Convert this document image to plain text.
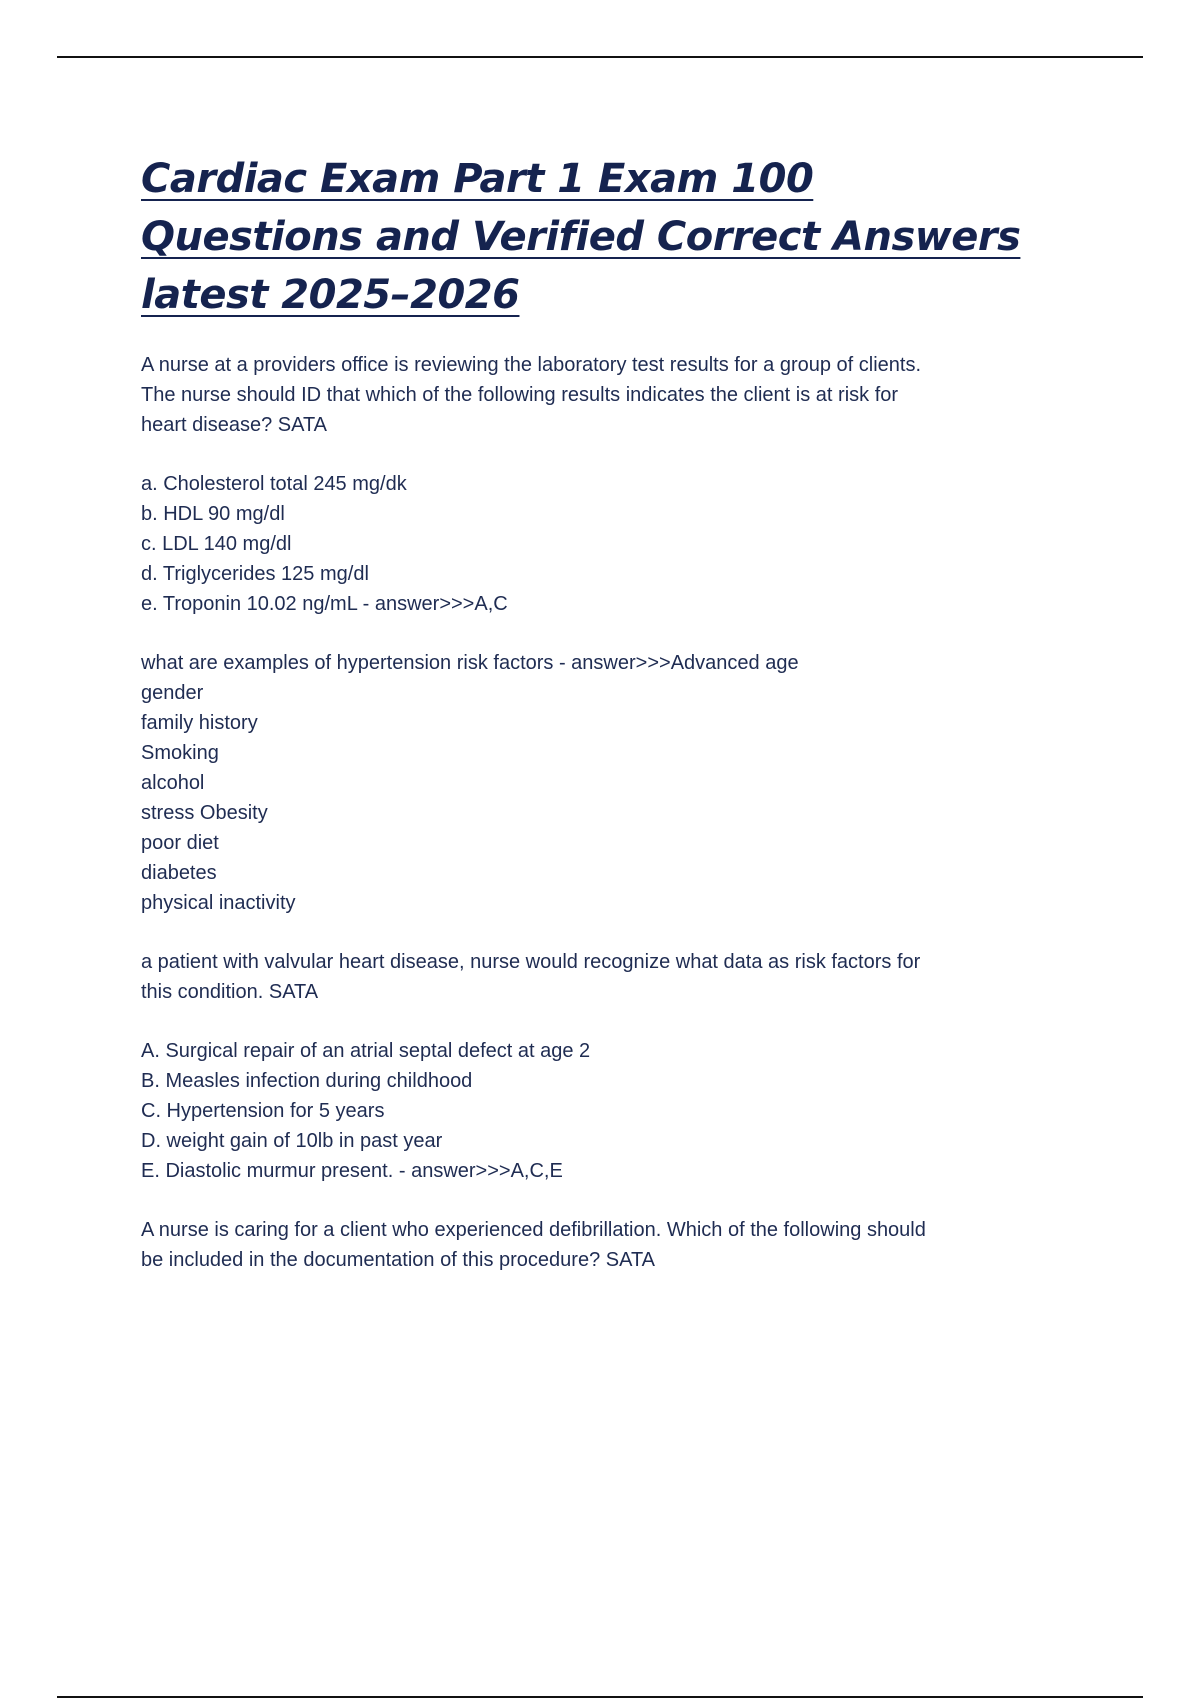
Cardiac Exam Part 1 Exam 100 Questions and Verified Correct Answers latest 2025–2026
A nurse at a providers office is reviewing the laboratory test results for a group of clients.
The nurse should ID that which of the following results indicates the client is at risk for
heart disease? SATA
a. Cholesterol total 245 mg/dk
b. HDL 90 mg/dl
c. LDL 140 mg/dl
d. Triglycerides 125 mg/dl
e. Troponin 10.02 ng/mL - answer>>>A,C
what are examples of hypertension risk factors - answer>>>Advanced age
gender
family history
Smoking
alcohol
stress Obesity
poor diet
diabetes
physical inactivity
a patient with valvular heart disease, nurse would recognize what data as risk factors for
this condition. SATA
A. Surgical repair of an atrial septal defect at age 2
B. Measles infection during childhood
C. Hypertension for 5 years
D. weight gain of 10lb in past year
E. Diastolic murmur present. - answer>>>A,C,E
A nurse is caring for a client who experienced defibrillation. Which of the following should
be included in the documentation of this procedure? SATA
